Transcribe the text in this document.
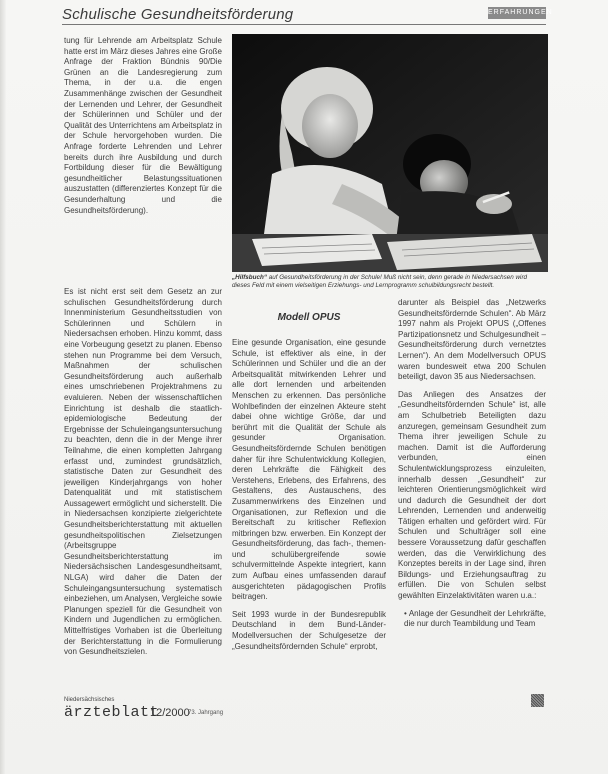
Schulische Gesundheitsförderung	ERFAHRUNGEN

tung für Lehrende am Arbeitsplatz Schule hatte erst im März dieses Jahres eine Große Anfrage der Fraktion Bündnis 90/Die Grünen an die Landesregierung zum Thema, in der u.a. die engen Zusammenhänge zwischen der Gesundheit der Lernenden und Lehrer, der Gesundheit der Schülerinnen und Schüler und der Qualität des Unterrichtens am Arbeitsplatz in der Schule hervorgehoben wurden. Die Anfrage forderte Lehrenden und Lehrer bereits durch ihre Ausbildung und durch Fortbildung dieser für die Bewältigung gesundheitlicher Belastungssituationen auszustatten (differenziertes Konzept für die Gesunderhaltung und die Gesundheitsförderung).

Es ist nicht erst seit dem Gesetz an zur schulischen Gesundheitsförderung durch Innenministerium Gesundheitsstudien von Schülerinnen und Schülern in Niedersachsen erhoben. Hinzu kommt, dass eine Vorbeugung gesetzt zu planen. Ebenso stehen nun Programme bei dem Versuch, Maßnahmen der schulischen Gesundheitsförderung auch außerhalb eines umschriebenen Projektrahmens zu evaluieren. Neben der wissenschaftlichen Einrichtung ist deshalb die staatlich-epidemiologische Bedeutung der Ergebnisse der Schuleingangsuntersuchung zu beachten, denn die in der Menge ihrer Teilnahme, die einen kompletten Jahrgang erfasst und, zumindest grundsätzlich, statistische Daten zur Gesundheit des jeweiligen Kinderjahrgangs von hoher Datenqualität und mit statistischem Aussagewert ermöglicht und sicherstellt. Die in Niedersachsen konzipierte zielgerichtete Gesundheitsberichterstattung mit aktuellen gesundheitspolitischen Zielsetzungen (Arbeitsgruppe Gesundheitsberichterstattung im Niedersächsischen Landesgesundheitsamt, NLGA) wird daher die Daten der Schuleingangsuntersuchung systematisch einbeziehen, um Analysen, Vergleiche sowie Planungen speziell für die Gesundheit von Kindern und Jugendlichen zu ermöglichen. Mittelfristiges Vorhaben ist die Überleitung der Berichterstattung in die Formulierung von Gesundheitszielen.

„Hilfsbuch“ auf Gesundheitsförderung in der Schule! Muß nicht sein, denn gerade in Niedersachsen wird dieses Feld mit einem vielseitigen Erziehungs- und Lernprogramm schulbildungsrecht bestellt.
Modell OPUS

Eine gesunde Organisation, eine gesunde Schule, ist effektiver als eine, in der Schülerinnen und Schüler und die an der Arbeitsqualität mitwirkenden Lehrer und alle dort lernenden und arbeitenden Menschen zu erkennen. Das persönliche Wohlbefinden der einzelnen Akteure steht dabei ohne wichtige Größe, dar und berührt mit die Qualität der Schule als gesunder Organisation. Gesundheitsfördernde Schulen benötigen daher für ihre Schulentwicklung Kollegien, deren Lehrkräfte die Fähigkeit des Verstehens, Erlebens, des Erfahrens, des Gestaltens, des Austauschens, des Zusammenwirkens des Einzelnen und Organisationen, zur Reflexion und die Bereitschaft zu kritischer Reflexion mitbringen bzw. erwerben. Ein Konzept der Gesundheitsförderung, das fach-, themen- und schulübergreifende sowie schulvermittelnde Aspekte integriert, kann zum Aufbau eines umfassenden darauf ausgerichteten pädagogischen Profils beitragen.

Seit 1993 wurde in der Bundesrepublik Deutschland in dem Bund-Länder-Modellversuchen der Schulgesetze der „Gesundheitsfördernden Schule“ erprobt,

darunter als Beispiel das „Netzwerks Gesundheitsfördernde Schulen“. Ab März 1997 nahm als Projekt OPUS („Offenes Partizipationsnetz und Schulgesundheit – Gesundheitsförderung durch vernetztes Lernen“). An dem Modellversuch OPUS waren bundesweit etwa 200 Schulen beteiligt, davon 35 aus Niedersachsen.

Das Anliegen des Ansatzes der „Gesundheitsfördernden Schule“ ist, alle am Schulbetrieb Beteiligten dazu anzuregen, gemeinsam Gesundheit zum Thema ihrer jeweiligen Schule zu machen. Damit ist die Aufforderung verbunden, einen Schulentwicklungsprozess einzuleiten, innerhalb dessen „Gesundheit“ zur leichteren Orientierungsmöglichkeit wird und dadurch die Gesundheit der dort Lehrenden, Lernenden und anderweitig Tätigen erhalten und gefördert wird. Für Schulen und Schulträger soll eine bessere Voraussetzung dafür geschaffen werden, das die Verwirklichung des Konzeptes bereits in der Lage sind, ihren Bildungs- und Erziehungsauftrag zu erfüllen. Die von Schulen selbst gewählten Einzelaktivitäten waren u.a.:

• Anlage der Gesundheit der Lehrkräfte, die nur durch Teambildung und Team

Niedersächsisches
ärzteblatt
12/2000
73. Jahrgang
